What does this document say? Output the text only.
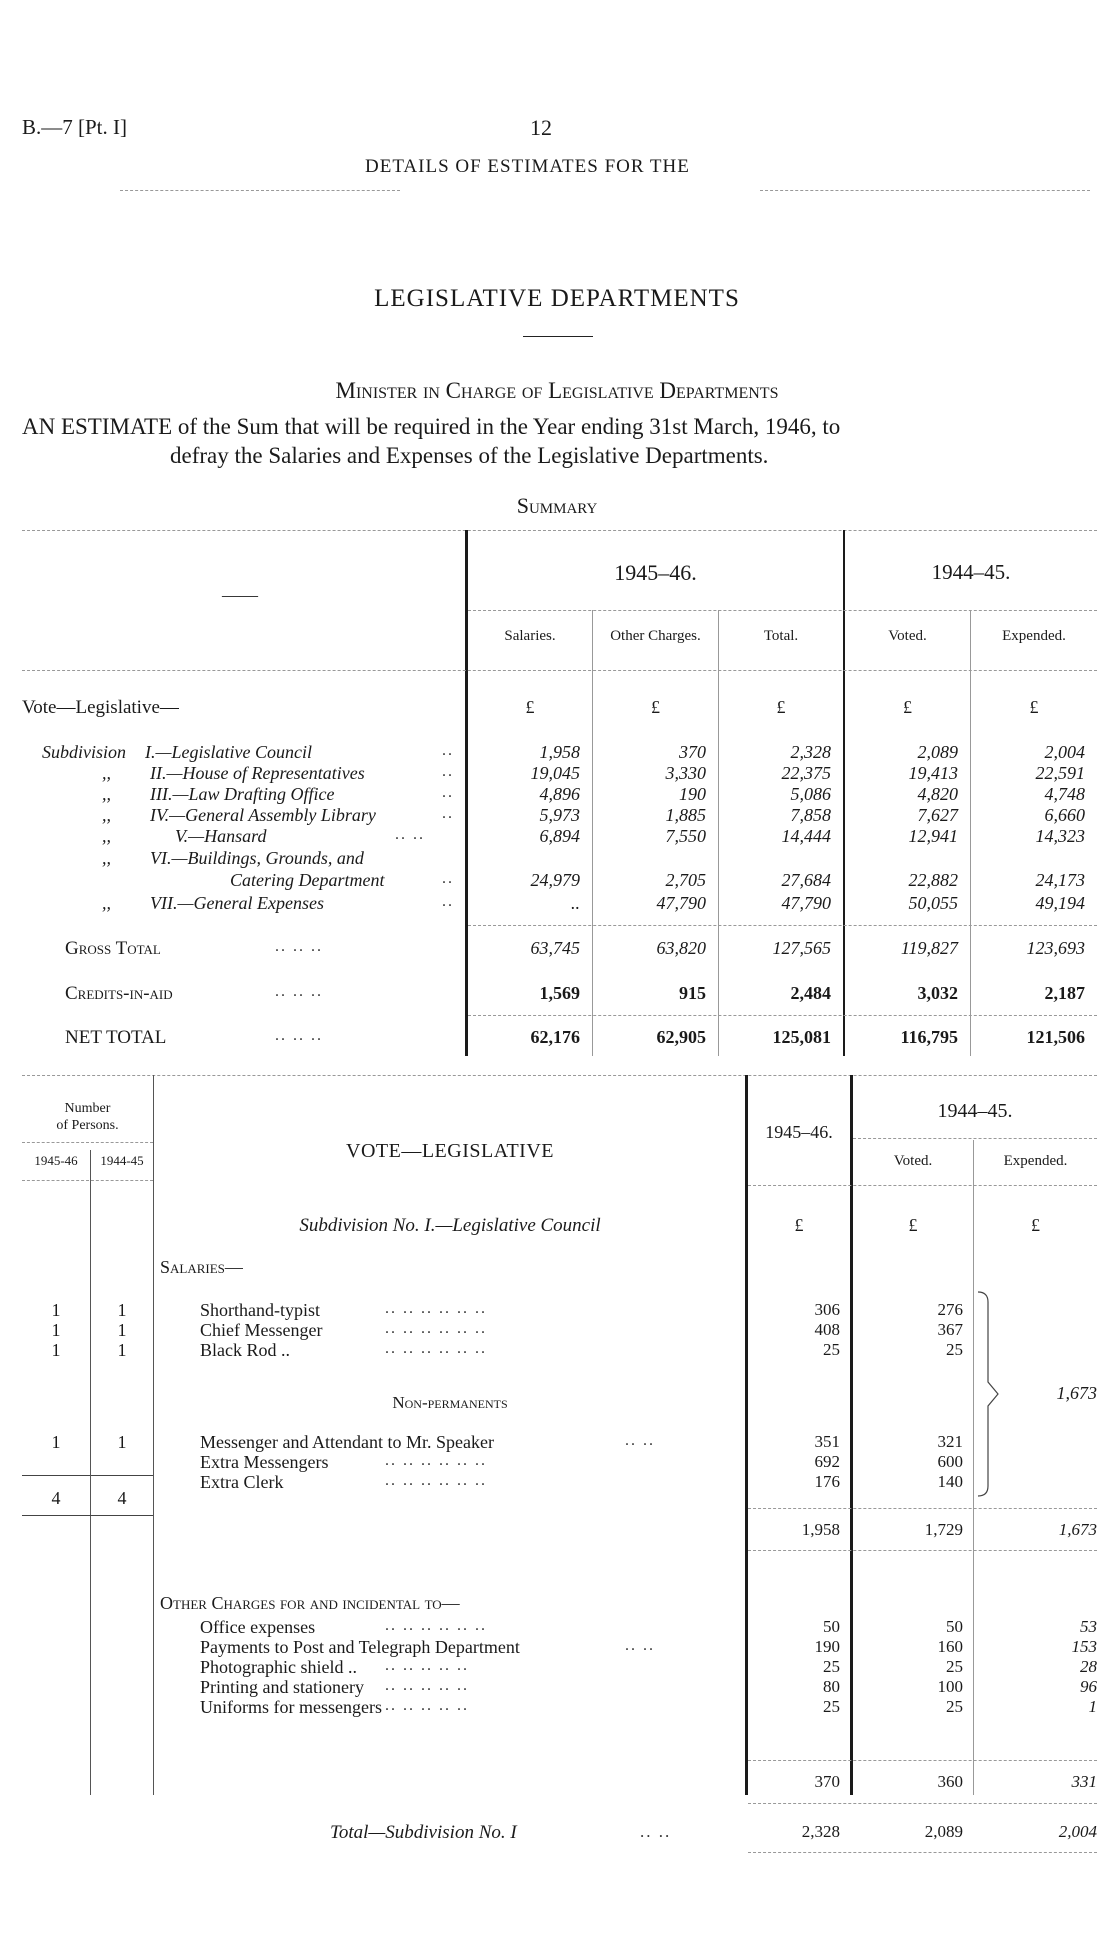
B.—7 [Pt. I]	12
DETAILS OF ESTIMATES FOR THE
LEGISLATIVE DEPARTMENTS
Minister in Charge of Legislative Departments
AN ESTIMATE of the Sum that will be required in the Year ending 31st March, 1946, to
defray the Salaries and Expenses of the Legislative Departments.
Summary
——
1945–46.	1944–45.
Salaries.	Other Charges.	Total.	Voted.	Expended.
Vote—Legislative—	£	£	£	£	£
Subdivision I.—Legislative Council	..	1,958	370	2,328	2,089	2,004
,, II.—House of Representatives	..	19,045	3,330	22,375	19,413	22,591
,, III.—Law Drafting Office	..	4,896	190	5,086	4,820	4,748
,, IV.—General Assembly Library	..	5,973	1,885	7,858	7,627	6,660
,,	V.—Hansard	.. ..	6,894	7,550	14,444	12,941	14,323
,, VI.—Buildings, Grounds, and
Catering Department	..	24,979	2,705	27,684	22,882	24,173
,, VII.—General Expenses	..	..	47,790	47,790	50,055	49,194
Gross Total	.. .. ..	63,745	63,820	127,565	119,827	123,693
Credits-in-aid	.. .. ..	1,569	915	2,484	3,032	2,187
NET TOTAL	.. .. ..	62,176	62,905	125,081	116,795	121,506
Number
of Persons.
1945-46	1944-45	VOTE—LEGISLATIVE
1945–46.
1944–45.
Voted.	Expended.
Subdivision No. I.—Legislative Council	£	£	£
Salaries—
1	1	Shorthand-typist	.. .. .. .. .. ..	306	276
1	1	Chief Messenger	.. .. .. .. .. ..	408	367
1	1	Black Rod ..	.. .. .. .. .. ..	25	25
Non-permanents
1	1	Messenger and Attendant to Mr. Speaker	.. ..	351	321
Extra Messengers	.. .. .. .. .. ..	692	600
Extra Clerk	.. .. .. .. .. ..	176	140
1,673
4	4
1,958	1,729	1,673
Other Charges for and incidental to—
Office expenses	.. .. .. .. .. ..	50	50	53
Payments to Post and Telegraph Department	.. ..	190	160	153
Photographic shield .. .. .. .. .. ..	25	25	28
Printing and stationery .. .. .. .. ..	80	100	96
Uniforms for messengers .. .. .. .. ..	25	25	1
370	360	331
Total—Subdivision No. I	.. ..	2,328	2,089	2,004
